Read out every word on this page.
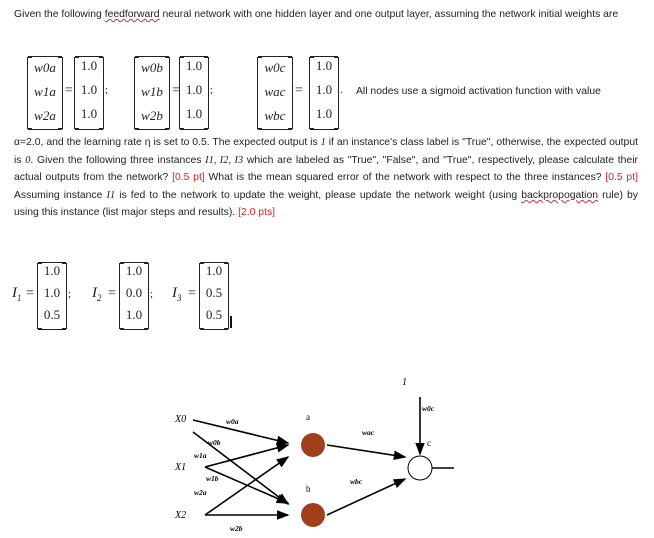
Given the following feedforward neural network with one hidden layer and one output layer, assuming the network initial weights are
w0a
w1a
w2a
=
1.0
1.0
1.0
;
w0b
w1b
w2b
=
1.0
1.0
1.0
;
w0c
wac
wbc
=
1.0
1.0
1.0
. All nodes use a sigmoid activation function with value
α=2.0, and the learning rate η is set to 0.5. The expected output is 1 if an instance's class label is "True", otherwise, the expected output is 0. Given the following three instances I1, I2, I3 which are labeled as "True", "False", and "True", respectively, please calculate their actual outputs from the network? [0.5 pt] What is the mean squared error of the network with respect to the three instances? [0.5 pt] Assuming instance I1 is fed to the network to update the weight, please update the network weight (using backpropogation rule) by using this instance (list major steps and results). [2.0 pts]
$I_1$ =
1.0
1.0
0.5
; $I_2$ =
1.0
0.0
1.0
; $I_3$ =
1.0
0.5
0.5
X0
X1
X2
1
a
b
c
w0a
w0b
w1a
w1b
w2a
w2b
wac
wbc
w0c
